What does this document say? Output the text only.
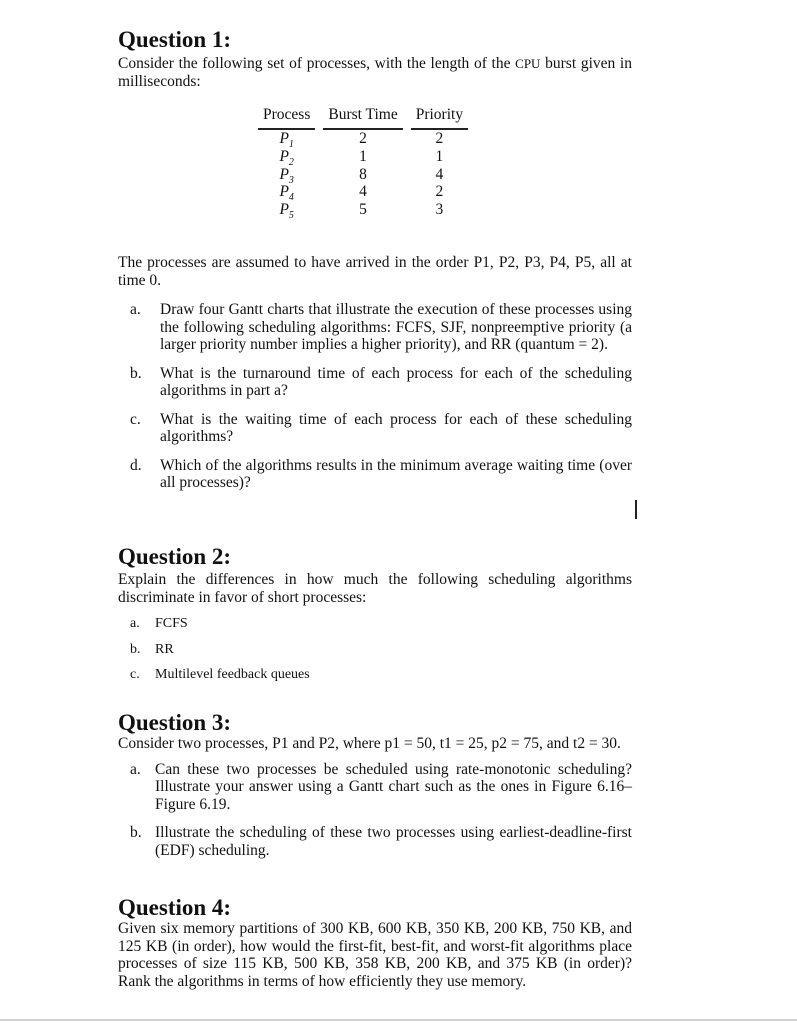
Question 1:

Consider the following set of processes, with the length of the CPU burst given in milliseconds:

Process		Burst Time		Priority
$P_1$		2		2
$P_2$		1		1
$P_3$		8		4
$P_4$		4		2
$P_5$		5		3

The processes are assumed to have arrived in the order P1, P2, P3, P4, P5, all at time 0.

a. Draw four Gantt charts that illustrate the execution of these processes using the following scheduling algorithms: FCFS, SJF, nonpreemptive priority (a larger priority number implies a higher priority), and RR (quantum = 2).
b. What is the turnaround time of each process for each of the scheduling algorithms in part a?
c. What is the waiting time of each process for each of these scheduling algorithms?
d. Which of the algorithms results in the minimum average waiting time (over all processes)?
Question 2:

Explain the differences in how much the following scheduling algorithms discriminate in favor of short processes:

a. FCFS
b. RR
c. Multilevel feedback queues
Question 3:

Consider two processes, P1 and P2, where p1 = 50, t1 = 25, p2 = 75, and t2 = 30.

a. Can these two processes be scheduled using rate-monotonic scheduling? Illustrate your answer using a Gantt chart such as the ones in Figure 6.16–Figure 6.19.
b. Illustrate the scheduling of these two processes using earliest-deadline-first (EDF) scheduling.
Question 4:

Given six memory partitions of 300 KB, 600 KB, 350 KB, 200 KB, 750 KB, and 125 KB (in order), how would the first-fit, best-fit, and worst-fit algorithms place processes of size 115 KB, 500 KB, 358 KB, 200 KB, and 375 KB (in order)? Rank the algorithms in terms of how efficiently they use memory.
